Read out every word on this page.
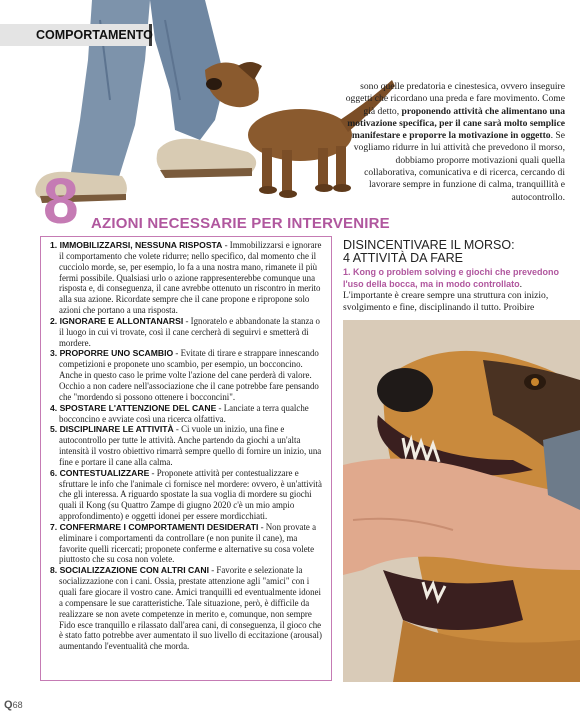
COMPORTAMENTO
sono quelle predatoria e cinestesica, ovvero inseguire oggetti che ricordano una preda e fare movimento. Come già detto, proponendo attività che alimentano una motivazione specifica, per il cane sarà molto semplice manifestare e proporre la motivazione in oggetto. Se vogliamo ridurre in lui attività che prevedono il morso, dobbiamo proporre motivazioni quali quella collaborativa, comunicativa e di ricerca, cercando di lavorare sempre in funzione di calma, tranquillità e autocontrollo.
8 AZIONI NECESSARIE PER INTERVENIRE

1. IMMOBILIZZARSI, NESSUNA RISPOSTA - Immobilizzarsi e ignorare il comportamento che volete ridurre; nello specifico, dal momento che il cucciolo morde, se, per esempio, lo fa a una nostra mano, rimanete il più fermi possibile. Qualsiasi urlo o azione rappresenterebbe comunque una risposta e, di conseguenza, il cane avrebbe ottenuto un riscontro in merito alla sua azione. Ricordate sempre che il cane propone e ripropone solo azioni che portano a una risposta.

2. IGNORARE E ALLONTANARSI - Ignoratelo e abbandonate la stanza o il luogo in cui vi trovate, così il cane cercherà di seguirvi e smetterà di mordere.

3. PROPORRE UNO SCAMBIO - Evitate di tirare e strappare innescando competizioni e proponete uno scambio, per esempio, un bocconcino. Anche in questo caso le prime volte l'azione del cane perderà di valore. Occhio a non cadere nell'associazione che il cane potrebbe fare pensando che "mordendo si possono ottenere i bocconcini".

4. SPOSTARE L'ATTENZIONE DEL CANE - Lanciate a terra qualche bocconcino e avviate così una ricerca olfattiva.

5. DISCIPLINARE LE ATTIVITÀ - Ci vuole un inizio, una fine e autocontrollo per tutte le attività. Anche partendo da giochi a un'alta intensità il vostro obiettivo rimarrà sempre quello di fornire un inizio, una fine e portare il cane alla calma.

6. CONTESTUALIZZARE - Proponete attività per contestualizzare e sfruttare le info che l'animale ci fornisce nel mordere: ovvero, è un'attività che gli interessa. A riguardo spostate la sua voglia di mordere su giochi quali il Kong (su Quattro Zampe di giugno 2020 c'è un mio ampio approfondimento) e oggetti idonei per essere mordicchiati.

7. CONFERMARE I COMPORTAMENTI DESIDERATI - Non provate a eliminare i comportamenti da controllare (e non punite il cane), ma favorite quelli ricercati; proponete conferme e alternative su cosa volete piuttosto che su cosa non volete.

8. SOCIALIZZAZIONE CON ALTRI CANI - Favorite e selezionate la socializzazione con i cani. Ossia, prestate attenzione agli "amici" con i quali fare giocare il vostro cane. Amici tranquilli ed eventualmente idonei a compensare le sue caratteristiche. Tale situazione, però, è difficile da realizzare se non avete competenze in merito e, comunque, non sempre Fido esce tranquillo e rilassato dall'area cani, di conseguenza, il gioco che è stato fatto potrebbe aver aumentato il suo livello di eccitazione (arousal) aumentando l'eventualità che morda.

DISINCENTIVARE IL MORSO:
4 ATTIVITÀ DA FARE
1. Kong o problem solving e giochi che prevedono l'uso della bocca, ma in modo controllato. L'importante è creare sempre una struttura con inizio, svolgimento e fine, disciplinando il tutto. Proibire
Q68
